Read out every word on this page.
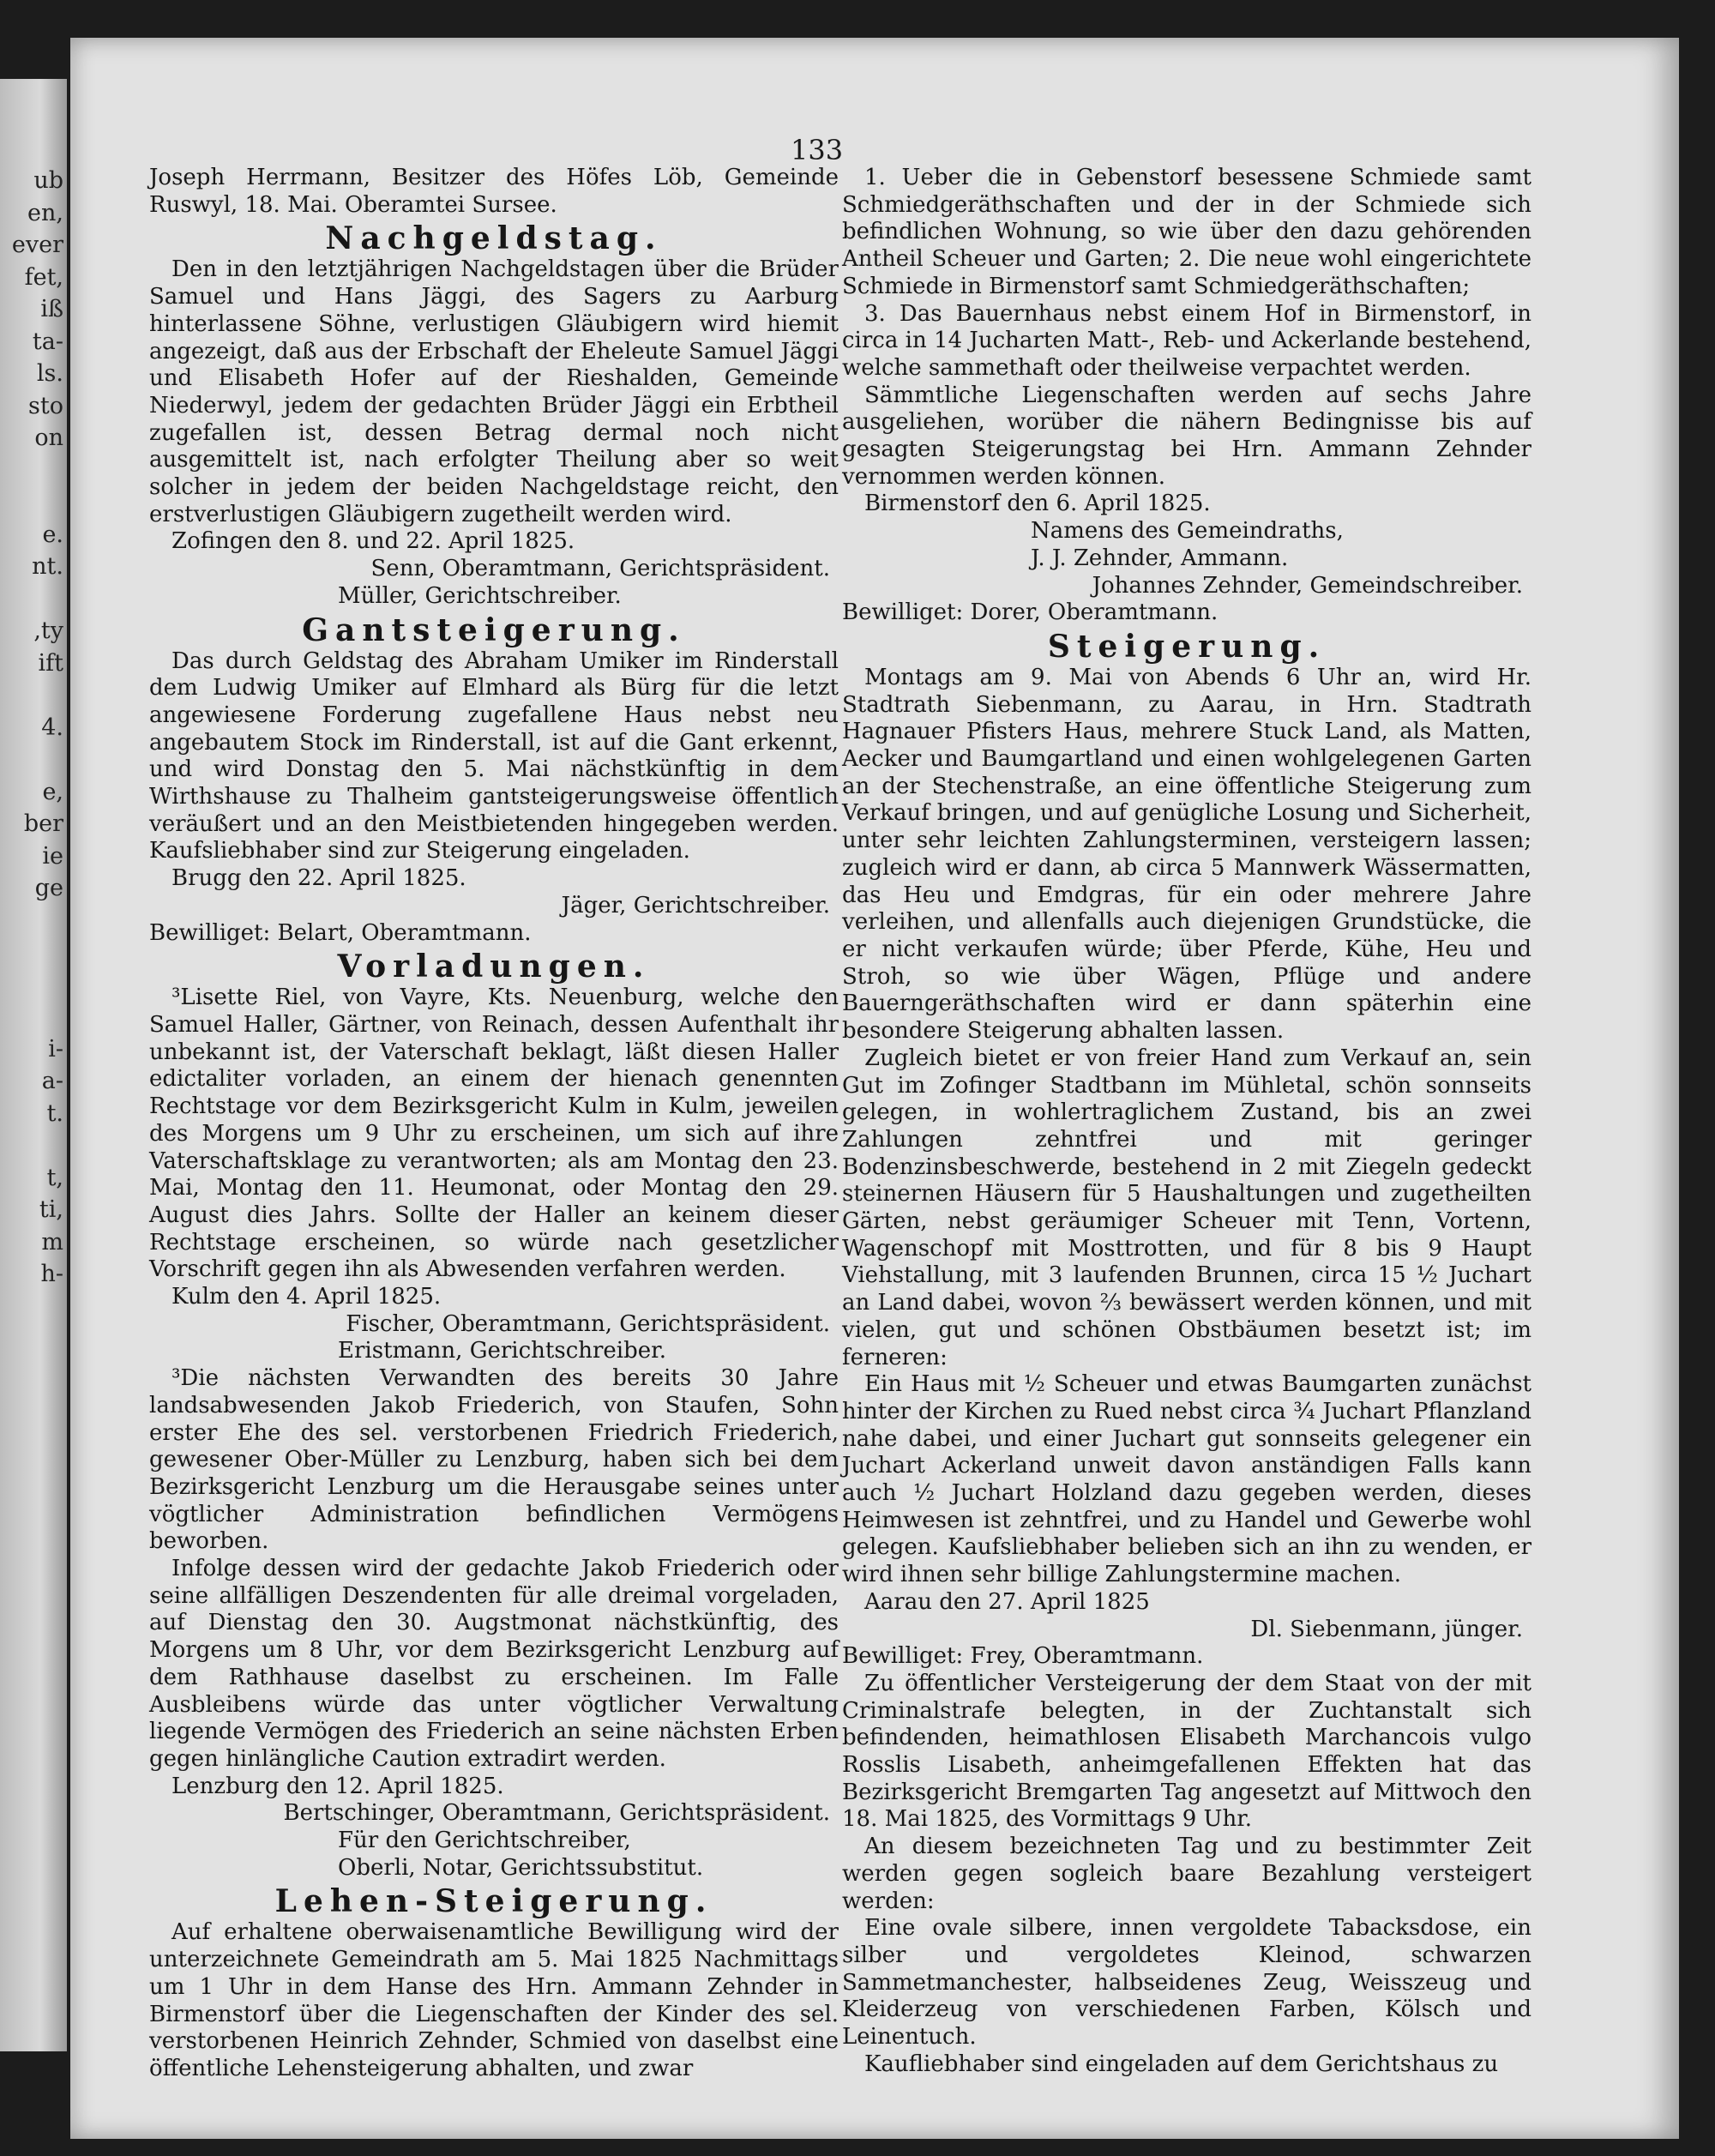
ub
en,
ever
fet,
iß
ta-
ls.
sto
on

e.
nt.

,ty
ift

4.

e,
ber
ie
ge

i-
a-
t.

t,
ti,
m
h-
133

Joseph Herrmann, Besitzer des Höfes Löb, Gemeinde Ruswyl, 18. Mai. Oberamtei Sursee.

Nachgeldstag.

Den in den letztjährigen Nachgeldstagen über die Brüder Samuel und Hans Jäggi, des Sagers zu Aarburg hinterlassene Söhne, verlustigen Gläubigern wird hiemit angezeigt, daß aus der Erbschaft der Eheleute Samuel Jäggi und Elisabeth Hofer auf der Rieshalden, Gemeinde Niederwyl, jedem der gedachten Brüder Jäggi ein Erbtheil zugefallen ist, dessen Betrag dermal noch nicht ausgemittelt ist, nach erfolgter Theilung aber so weit solcher in jedem der beiden Nachgeldstage reicht, den erstverlustigen Gläubigern zugetheilt werden wird.

Zofingen den 8. und 22. April 1825.

Senn, Oberamtmann, Gerichtspräsident.

Müller, Gerichtschreiber.

Gantsteigerung.

Das durch Geldstag des Abraham Umiker im Rinderstall dem Ludwig Umiker auf Elmhard als Bürg für die letzt angewiesene Forderung zugefallene Haus nebst neu angebautem Stock im Rinderstall, ist auf die Gant erkennt, und wird Donstag den 5. Mai nächstkünftig in dem Wirthshause zu Thalheim gantsteigerungsweise öffentlich veräußert und an den Meistbietenden hingegeben werden. Kaufsliebhaber sind zur Steigerung eingeladen.

Brugg den 22. April 1825.

Jäger, Gerichtschreiber.

Bewilliget: Belart, Oberamtmann.

Vorladungen.

³Lisette Riel, von Vayre, Kts. Neuenburg, welche den Samuel Haller, Gärtner, von Reinach, dessen Aufenthalt ihr unbekannt ist, der Vaterschaft beklagt, läßt diesen Haller edictaliter vorladen, an einem der hienach genennten Rechtstage vor dem Bezirksgericht Kulm in Kulm, jeweilen des Morgens um 9 Uhr zu erscheinen, um sich auf ihre Vaterschaftsklage zu verantworten; als am Montag den 23. Mai, Montag den 11. Heumonat, oder Montag den 29. August dies Jahrs. Sollte der Haller an keinem dieser Rechtstage erscheinen, so würde nach gesetzlicher Vorschrift gegen ihn als Abwesenden verfahren werden.

Kulm den 4. April 1825.

Fischer, Oberamtmann, Gerichtspräsident.

Eristmann, Gerichtschreiber.

³Die nächsten Verwandten des bereits 30 Jahre landsabwesenden Jakob Friederich, von Staufen, Sohn erster Ehe des sel. verstorbenen Friedrich Friederich, gewesener Ober-Müller zu Lenzburg, haben sich bei dem Bezirksgericht Lenzburg um die Herausgabe seines unter vögtlicher Administration befindlichen Vermögens beworben.

Infolge dessen wird der gedachte Jakob Friederich oder seine allfälligen Deszendenten für alle dreimal vorgeladen, auf Dienstag den 30. Augstmonat nächstkünftig, des Morgens um 8 Uhr, vor dem Bezirksgericht Lenzburg auf dem Rathhause daselbst zu erscheinen. Im Falle Ausbleibens würde das unter vögtlicher Verwaltung liegende Vermögen des Friederich an seine nächsten Erben gegen hinlängliche Caution extradirt werden.

Lenzburg den 12. April 1825.

Bertschinger, Oberamtmann, Gerichtspräsident.

Für den Gerichtschreiber,

Oberli, Notar, Gerichtssubstitut.

Lehen-Steigerung.

Auf erhaltene oberwaisenamtliche Bewilligung wird der unterzeichnete Gemeindrath am 5. Mai 1825 Nachmittags um 1 Uhr in dem Hanse des Hrn. Ammann Zehnder in Birmenstorf über die Liegenschaften der Kinder des sel. verstorbenen Heinrich Zehnder, Schmied von daselbst eine öffentliche Lehensteigerung abhalten, und zwar

1. Ueber die in Gebenstorf besessene Schmiede samt Schmiedgeräthschaften und der in der Schmiede sich befindlichen Wohnung, so wie über den dazu gehörenden Antheil Scheuer und Garten; 2. Die neue wohl eingerichtete Schmiede in Birmenstorf samt Schmiedgeräthschaften;

3. Das Bauernhaus nebst einem Hof in Birmenstorf, in circa in 14 Jucharten Matt-, Reb- und Ackerlande bestehend, welche sammethaft oder theilweise verpachtet werden.

Sämmtliche Liegenschaften werden auf sechs Jahre ausgeliehen, worüber die nähern Bedingnisse bis auf gesagten Steigerungstag bei Hrn. Ammann Zehnder vernommen werden können.

Birmenstorf den 6. April 1825.

Namens des Gemeindraths,

J. J. Zehnder, Ammann.

Johannes Zehnder, Gemeindschreiber.

Bewilliget: Dorer, Oberamtmann.

Steigerung.

Montags am 9. Mai von Abends 6 Uhr an, wird Hr. Stadtrath Siebenmann, zu Aarau, in Hrn. Stadtrath Hagnauer Pfisters Haus, mehrere Stuck Land, als Matten, Aecker und Baumgartland und einen wohlgelegenen Garten an der Stechenstraße, an eine öffentliche Steigerung zum Verkauf bringen, und auf genügliche Losung und Sicherheit, unter sehr leichten Zahlungsterminen, versteigern lassen; zugleich wird er dann, ab circa 5 Mannwerk Wässermatten, das Heu und Emdgras, für ein oder mehrere Jahre verleihen, und allenfalls auch diejenigen Grundstücke, die er nicht verkaufen würde; über Pferde, Kühe, Heu und Stroh, so wie über Wägen, Pflüge und andere Bauerngeräthschaften wird er dann späterhin eine besondere Steigerung abhalten lassen.

Zugleich bietet er von freier Hand zum Verkauf an, sein Gut im Zofinger Stadtbann im Mühletal, schön sonnseits gelegen, in wohlertraglichem Zustand, bis an zwei Zahlungen zehntfrei und mit geringer Bodenzinsbeschwerde, bestehend in 2 mit Ziegeln gedeckt steinernen Häusern für 5 Haushaltungen und zugetheilten Gärten, nebst geräumiger Scheuer mit Tenn, Vortenn, Wagenschopf mit Mosttrotten, und für 8 bis 9 Haupt Viehstallung, mit 3 laufenden Brunnen, circa 15 ½ Juchart an Land dabei, wovon ⅔ bewässert werden können, und mit vielen, gut und schönen Obstbäumen besetzt ist; im ferneren:

Ein Haus mit ½ Scheuer und etwas Baumgarten zunächst hinter der Kirchen zu Rued nebst circa ¾ Juchart Pflanzland nahe dabei, und einer Juchart gut sonnseits gelegener ein Juchart Ackerland unweit davon anständigen Falls kann auch ½ Juchart Holzland dazu gegeben werden, dieses Heimwesen ist zehntfrei, und zu Handel und Gewerbe wohl gelegen. Kaufsliebhaber belieben sich an ihn zu wenden, er wird ihnen sehr billige Zahlungstermine machen.

Aarau den 27. April 1825

Dl. Siebenmann, jünger.

Bewilliget: Frey, Oberamtmann.

Zu öffentlicher Versteigerung der dem Staat von der mit Criminalstrafe belegten, in der Zuchtanstalt sich befindenden, heimathlosen Elisabeth Marchancois vulgo Rosslis Lisabeth, anheimgefallenen Effekten hat das Bezirksgericht Bremgarten Tag angesetzt auf Mittwoch den 18. Mai 1825, des Vormittags 9 Uhr.

An diesem bezeichneten Tag und zu bestimmter Zeit werden gegen sogleich baare Bezahlung versteigert werden:

Eine ovale silbere, innen vergoldete Tabacksdose, ein silber und vergoldetes Kleinod, schwarzen Sammetmanchester, halbseidenes Zeug, Weisszeug und Kleiderzeug von verschiedenen Farben, Kölsch und Leinentuch.

Kaufliebhaber sind eingeladen auf dem Gerichtshaus zu
